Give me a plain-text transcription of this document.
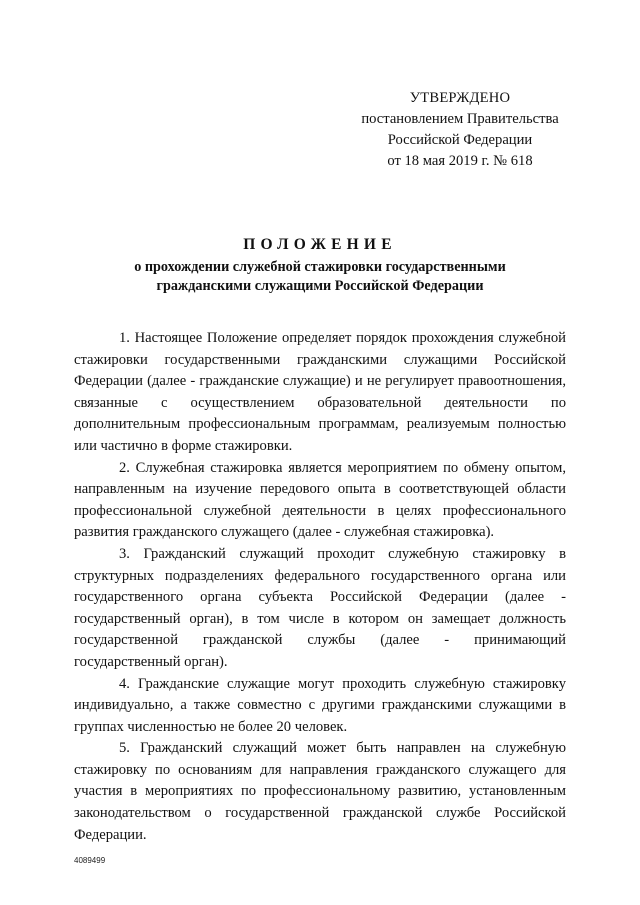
УТВЕРЖДЕНО
постановлением Правительства
Российской Федерации
от 18 мая 2019 г. № 618
ПОЛОЖЕНИЕ
о прохождении служебной стажировки государственными
гражданскими служащими Российской Федерации

1. Настоящее Положение определяет порядок прохождения служебной стажировки государственными гражданскими служащими Российской Федерации (далее - гражданские служащие) и не регулирует правоотношения, связанные с осуществлением образовательной деятельности по дополнительным профессиональным программам, реализуемым полностью или частично в форме стажировки.

2. Служебная стажировка является мероприятием по обмену опытом, направленным на изучение передового опыта в соответствующей области профессиональной служебной деятельности в целях профессионального развития гражданского служащего (далее - служебная стажировка).

3. Гражданский служащий проходит служебную стажировку в структурных подразделениях федерального государственного органа или государственного органа субъекта Российской Федерации (далее - государственный орган), в том числе в котором он замещает должность государственной гражданской службы (далее - принимающий государственный орган).

4. Гражданские служащие могут проходить служебную стажировку индивидуально, а также совместно с другими гражданскими служащими в группах численностью не более 20 человек.

5. Гражданский служащий может быть направлен на служебную стажировку по основаниям для направления гражданского служащего для участия в мероприятиях по профессиональному развитию, установленным законодательством о государственной гражданской службе Российской Федерации.

4089499
